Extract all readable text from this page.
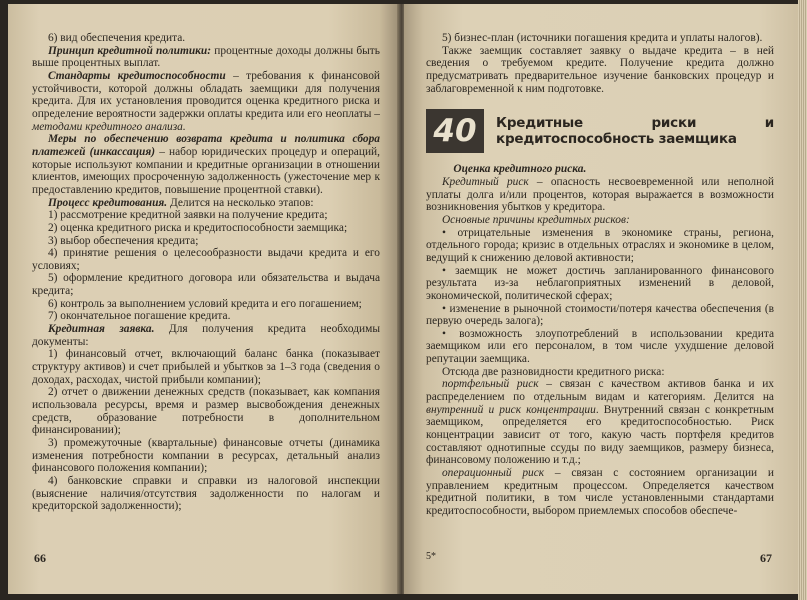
6) вид обеспечения кредита.

Принцип кредитной политики: процентные доходы должны быть выше процентных выплат.

Стандарты кредитоспособности – требования к финансовой устойчивости, которой должны обладать заемщики для получения кредита. Для их установления проводится оценка кредитного риска и определение вероятности задержки оплаты кредита или его неоплаты – методами кредитного анализа.

Меры по обеспечению возврата кредита и политика сбора платежей (инкассация) – набор юридических процедур и операций, которые используют компании и кредитные организации в отношении клиентов, имеющих просроченную задолженность (ужесточение мер к предоставлению кредитов, повышение процентной ставки).

Процесс кредитования. Делится на несколько этапов:

1) рассмотрение кредитной заявки на получение кредита;

2) оценка кредитного риска и кредитоспособности заемщика;

3) выбор обеспечения кредита;

4) принятие решения о целесообразности выдачи кредита и его условиях;

5) оформление кредитного договора или обязательства и выдача кредита;

6) контроль за выполнением условий кредита и его погашением;

7) окончательное погашение кредита.

Кредитная заявка. Для получения кредита необходимы документы:

1) финансовый отчет, включающий баланс банка (показывает структуру активов) и счет прибылей и убытков за 1–3 года (сведения о доходах, расходах, чистой прибыли компании);

2) отчет о движении денежных средств (показывает, как компания использовала ресурсы, время и размер высвобождения денежных средств, образование потребности в дополнительном финансировании);

3) промежуточные (квартальные) финансовые отчеты (динамика изменения потребности компании в ресурсах, детальный анализ финансового положения компании);

4) банковские справки и справки из налоговой инспекции (выяснение наличия/отсутствия задолженности по налогам и кредиторской задолженности);

66

5) бизнес-план (источники погашения кредита и уплаты налогов).

Также заемщик составляет заявку о выдаче кредита – в ней сведения о требуемом кредите. Получение кредита должно предусматривать предварительное изучение банковских процедур и заблаговременной к ним подготовке.

40	Кредитные риски и кредитоспособность заемщика

Оценка кредитного риска.

Кредитный риск – опасность несвоевременной или неполной уплаты долга и/или процентов, которая выражается в возможности возникновения убытков у кредитора.

Основные причины кредитных рисков:

• отрицательные изменения в экономике страны, региона, отдельного города; кризис в отдельных отраслях и экономике в целом, ведущий к снижению деловой активности;

• заемщик не может достичь запланированного финансового результата из-за неблагоприятных изменений в деловой, экономической, политической сферах;

• изменение в рыночной стоимости/потеря качества обеспечения (в первую очередь залога);

• возможность злоупотреблений в использовании кредита заемщиком или его персоналом, в том числе ухудшение деловой репутации заемщика.

Отсюда две разновидности кредитного риска:

портфельный риск – связан с качеством активов банка и их распределением по отдельным видам и категориям. Делится на внутренний и риск концентрации. Внутренний связан с конкретным заемщиком, определяется его кредитоспособностью. Риск концентрации зависит от того, какую часть портфеля кредитов составляют однотипные ссуды по виду заемщиков, размеру бизнеса, финансовому положению и т.д.;

операционный риск – связан с состоянием организации и управлением кредитным процессом. Определяется качеством кредитной политики, в том числе установленными стандартами кредитоспособности, выбором приемлемых способов обеспече-

5*	67
